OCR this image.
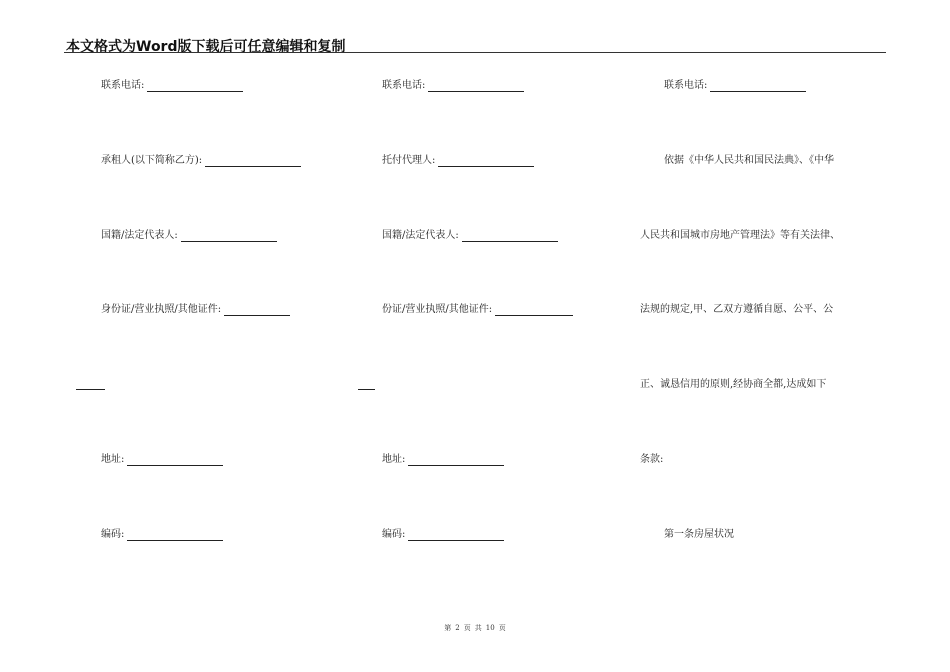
本文格式为Word版下载后可任意编辑和复制
联系电话:
承租人(以下简称乙方):
国籍/法定代表人:
身份证/营业执照/其他证件:
地址:
编码:
联系电话:
托付代理人:
国籍/法定代表人:
份证/营业执照/其他证件:
地址:
编码:
联系电话:
依据《中华人民共和国民法典》、《中华
人民共和国城市房地产管理法》等有关法律、
法规的规定,甲、乙双方遵循自愿、公平、公
正、诚恳信用的原则,经协商全都,达成如下
条款:
第一条房屋状况
第 2 页 共 10 页
